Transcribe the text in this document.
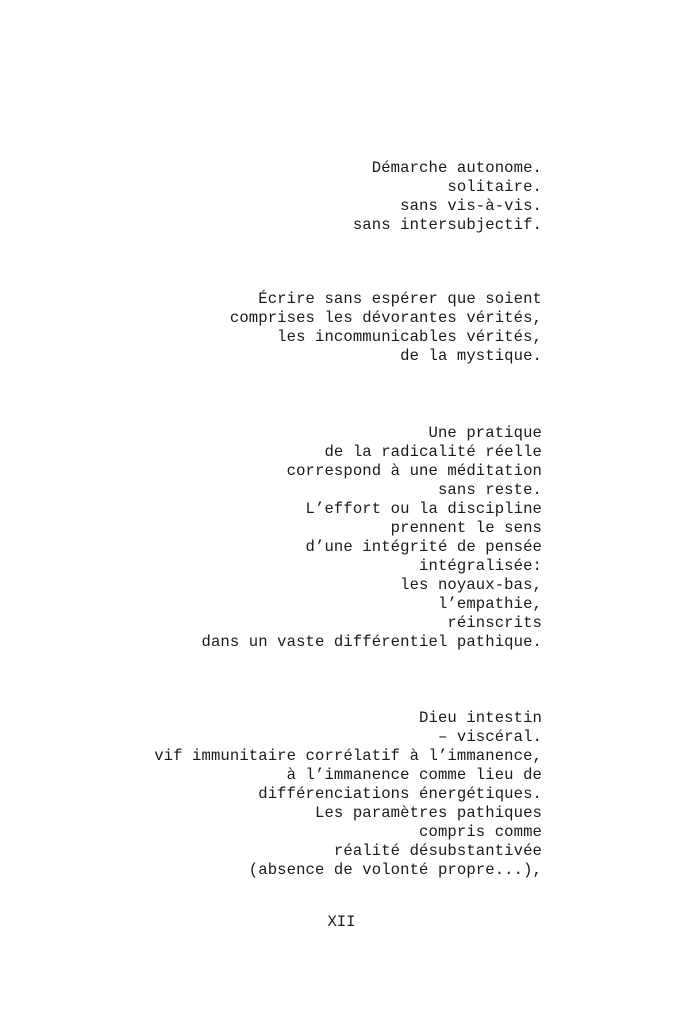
Démarche autonome.
solitaire.
sans vis-à-vis.
sans intersubjectif.
Écrire sans espérer que soient
comprises les dévorantes vérités,
les incommunicables vérités,
de la mystique.
Une pratique
de la radicalité réelle
correspond à une méditation
sans reste.
L’effort ou la discipline
prennent le sens
d’une intégrité de pensée
intégralisée:
les noyaux-bas,
l’empathie,
réinscrits
dans un vaste différentiel pathique.
Dieu intestin
– viscéral.
vif immunitaire corrélatif à l’immanence,
à l’immanence comme lieu de
différenciations énergétiques.
Les paramètres pathiques
compris comme
réalité désubstantivée
(absence de volonté propre...),
XII
